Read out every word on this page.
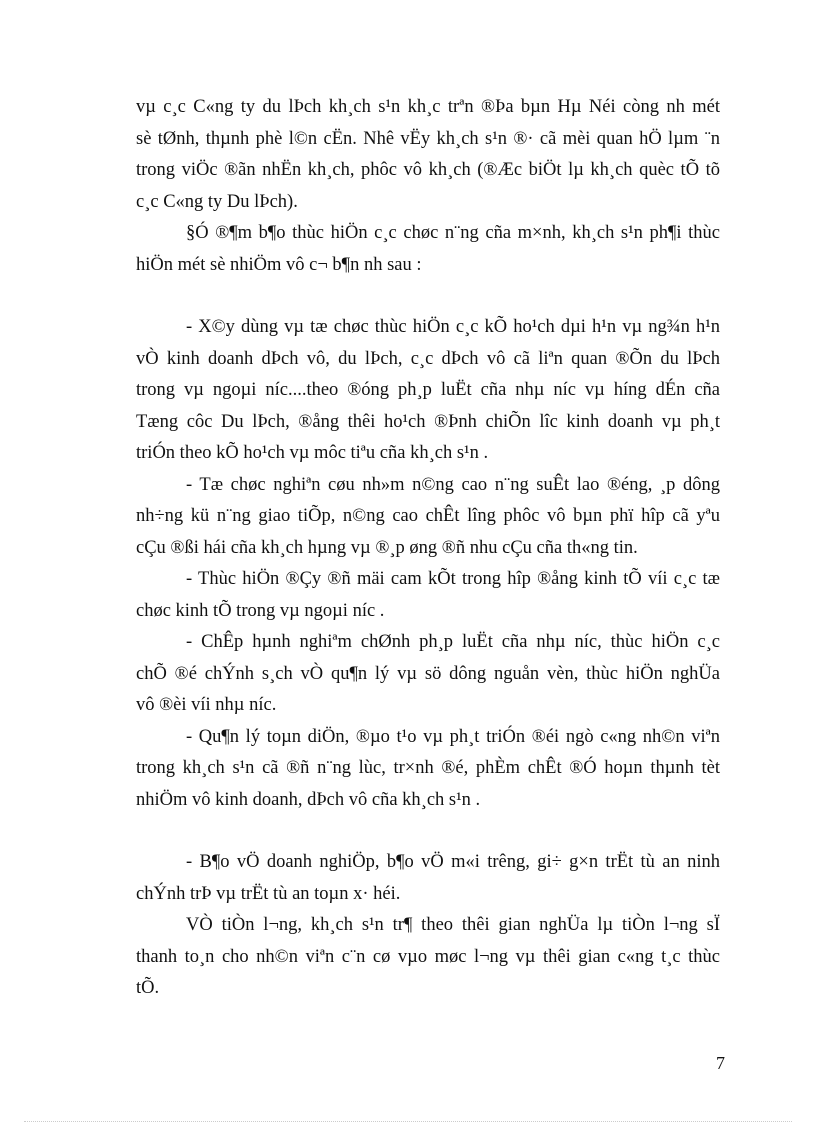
vµ c¸c C«ng ty du lÞch kh¸ch s¹n kh¸c trªn ®Þa bµn Hµ Néi còng nh mét
sè tØnh, thµnh phè l©n cËn. Nhê vËy kh¸ch s¹n ®· cã mèi quan hÖ lµm ¨n
trong viÖc ®ãn nhËn kh¸ch, phôc vô kh¸ch (®Æc biÖt lµ kh¸ch quèc tÕ tõ
c¸c C«ng ty Du lÞch).
§Ó ®¶m b¶o thùc hiÖn c¸c chøc n¨ng cña m×nh, kh¸ch s¹n ph¶i thùc
hiÖn mét sè nhiÖm vô c¬ b¶n nh sau :
- X©y dùng vµ tæ chøc thùc hiÖn c¸c kÕ ho¹ch dµi h¹n vµ ng¾n h¹n
vÒ kinh doanh dÞch vô, du lÞch, c¸c dÞch vô cã liªn quan ®Õn du lÞch
trong vµ ngoµi níc....theo ®óng ph¸p luËt cña nhµ níc vµ híng dÉn cña
Tæng côc Du lÞch, ®ång thêi ho¹ch ®Þnh chiÕn lîc kinh doanh vµ ph¸t
triÓn theo kÕ ho¹ch vµ môc tiªu cña kh¸ch s¹n .
- Tæ chøc nghiªn cøu nh»m n©ng cao n¨ng suÊt lao ®éng, ¸p dông
nh÷ng kü n¨ng giao tiÕp, n©ng cao chÊt lîng phôc vô bµn phï hîp cã yªu
cÇu ®ßi hái cña kh¸ch hµng vµ ®¸p øng ®ñ nhu cÇu cña th«ng tin.
- Thùc hiÖn ®Çy ®ñ mäi cam kÕt trong hîp ®ång kinh tÕ víi c¸c tæ
chøc kinh tÕ trong vµ ngoµi níc .
- ChÊp hµnh nghiªm chØnh ph¸p luËt cña nhµ níc, thùc hiÖn c¸c
chÕ ®é chÝnh s¸ch vÒ qu¶n lý vµ sö dông nguån vèn, thùc hiÖn nghÜa
vô ®èi víi nhµ níc.
- Qu¶n lý toµn diÖn, ®µo t¹o vµ ph¸t triÓn ®éi ngò c«ng nh©n viªn
trong kh¸ch s¹n cã ®ñ n¨ng lùc, tr×nh ®é, phÈm chÊt ®Ó hoµn thµnh tèt
nhiÖm vô kinh doanh, dÞch vô cña kh¸ch s¹n .
- B¶o vÖ doanh nghiÖp, b¶o vÖ m«i trêng, gi÷ g×n trËt tù an ninh
chÝnh trÞ vµ trËt tù an toµn x· héi.
VÒ tiÒn l¬ng, kh¸ch s¹n tr¶ theo thêi gian nghÜa lµ tiÒn l¬ng sÏ
thanh to¸n cho nh©n viªn c¨n cø vµo møc l¬ng vµ thêi gian c«ng t¸c thùc
tÕ.
7
